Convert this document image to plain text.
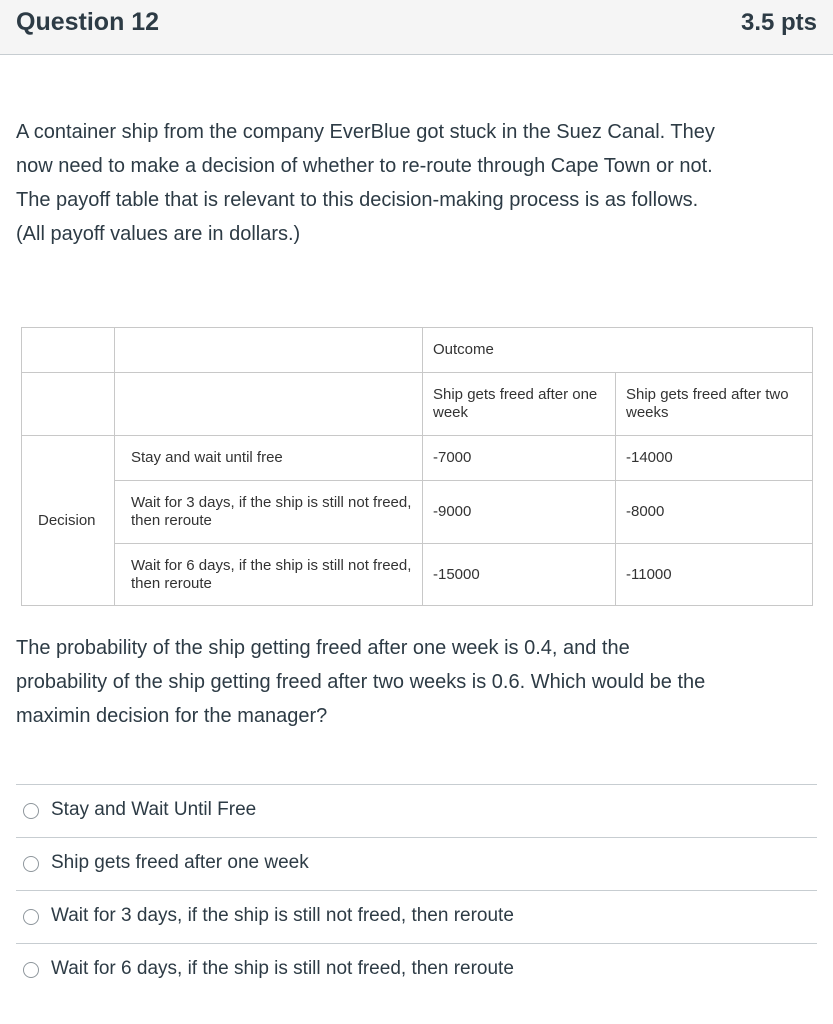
Question 12	3.5 pts
A container ship from the company EverBlue got stuck in the Suez Canal. They
now need to make a decision of whether to re-route through Cape Town or not.
The payoff table that is relevant to this decision-making process is as follows.
(All payoff values are in dollars.)
		Outcome	
		Ship gets freed after one week	Ship gets freed after two weeks
Decision	Stay and wait until free	-7000	-14000
	Wait for 3 days, if the ship is still not freed, then reroute	-9000	-8000
	Wait for 6 days, if the ship is still not freed, then reroute	-15000	-11000
The probability of the ship getting freed after one week is 0.4, and the
probability of the ship getting freed after two weeks is 0.6. Which would be the
maximin decision for the manager?
Stay and Wait Until Free
Ship gets freed after one week
Wait for 3 days, if the ship is still not freed, then reroute
Wait for 6 days, if the ship is still not freed, then reroute
